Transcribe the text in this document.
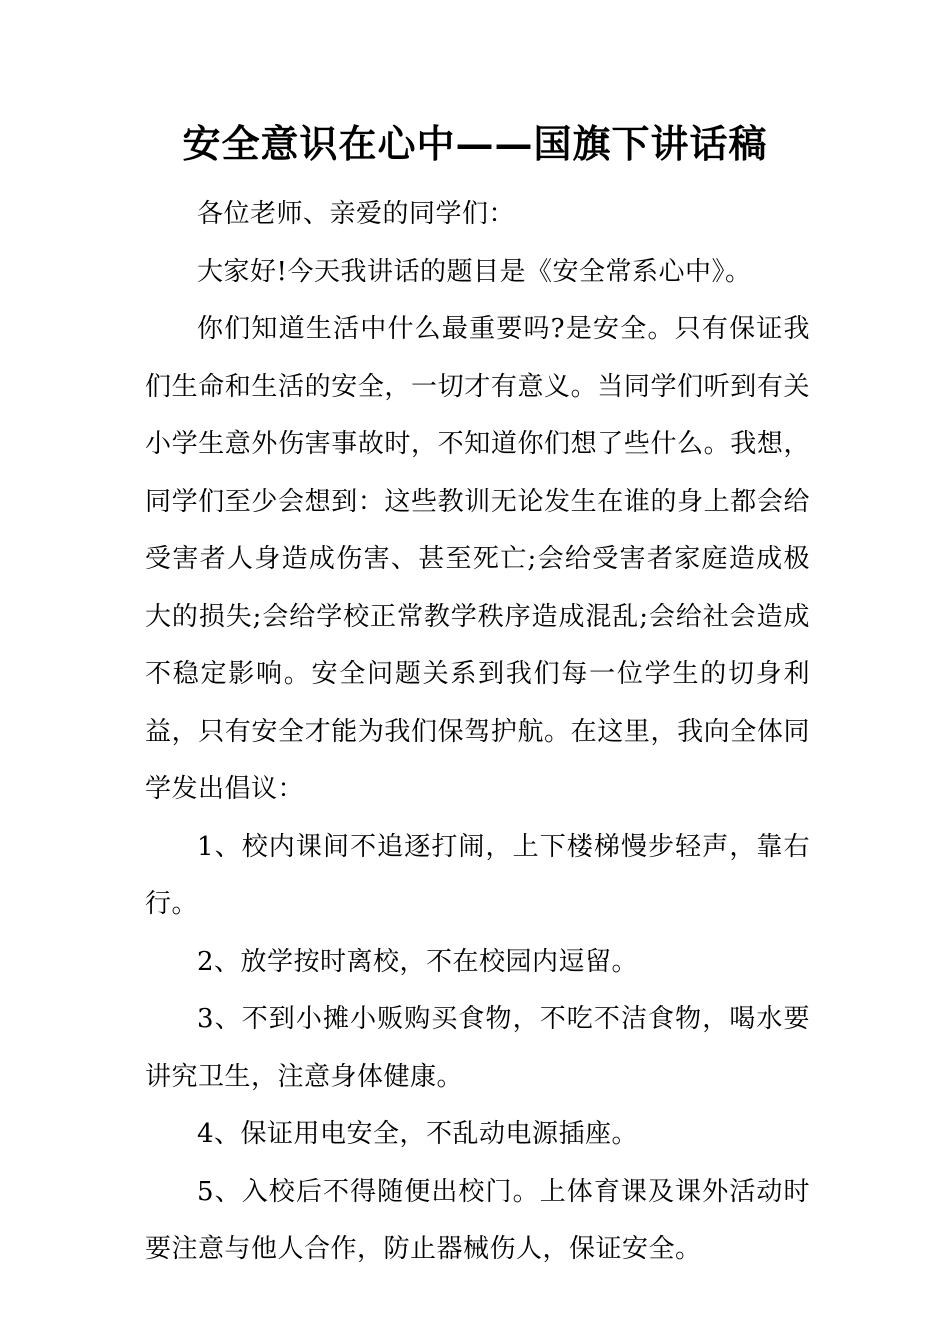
安全意识在心中——国旗下讲话稿

各位老师、亲爱的同学们：

大家好!今天我讲话的题目是《安全常系心中》。

你们知道生活中什么最重要吗?是安全。只有保证我们生命和生活的安全，一切才有意义。当同学们听到有关小学生意外伤害事故时，不知道你们想了些什么。我想，同学们至少会想到：这些教训无论发生在谁的身上都会给受害者人身造成伤害、甚至死亡;会给受害者家庭造成极大的损失;会给学校正常教学秩序造成混乱;会给社会造成不稳定影响。安全问题关系到我们每一位学生的切身利益，只有安全才能为我们保驾护航。在这里，我向全体同学发出倡议：

1、校内课间不追逐打闹，上下楼梯慢步轻声，靠右行。

2、放学按时离校，不在校园内逗留。

3、不到小摊小贩购买食物，不吃不洁食物，喝水要讲究卫生，注意身体健康。

4、保证用电安全，不乱动电源插座。

5、入校后不得随便出校门。上体育课及课外活动时要注意与他人合作，防止器械伤人，保证安全。
